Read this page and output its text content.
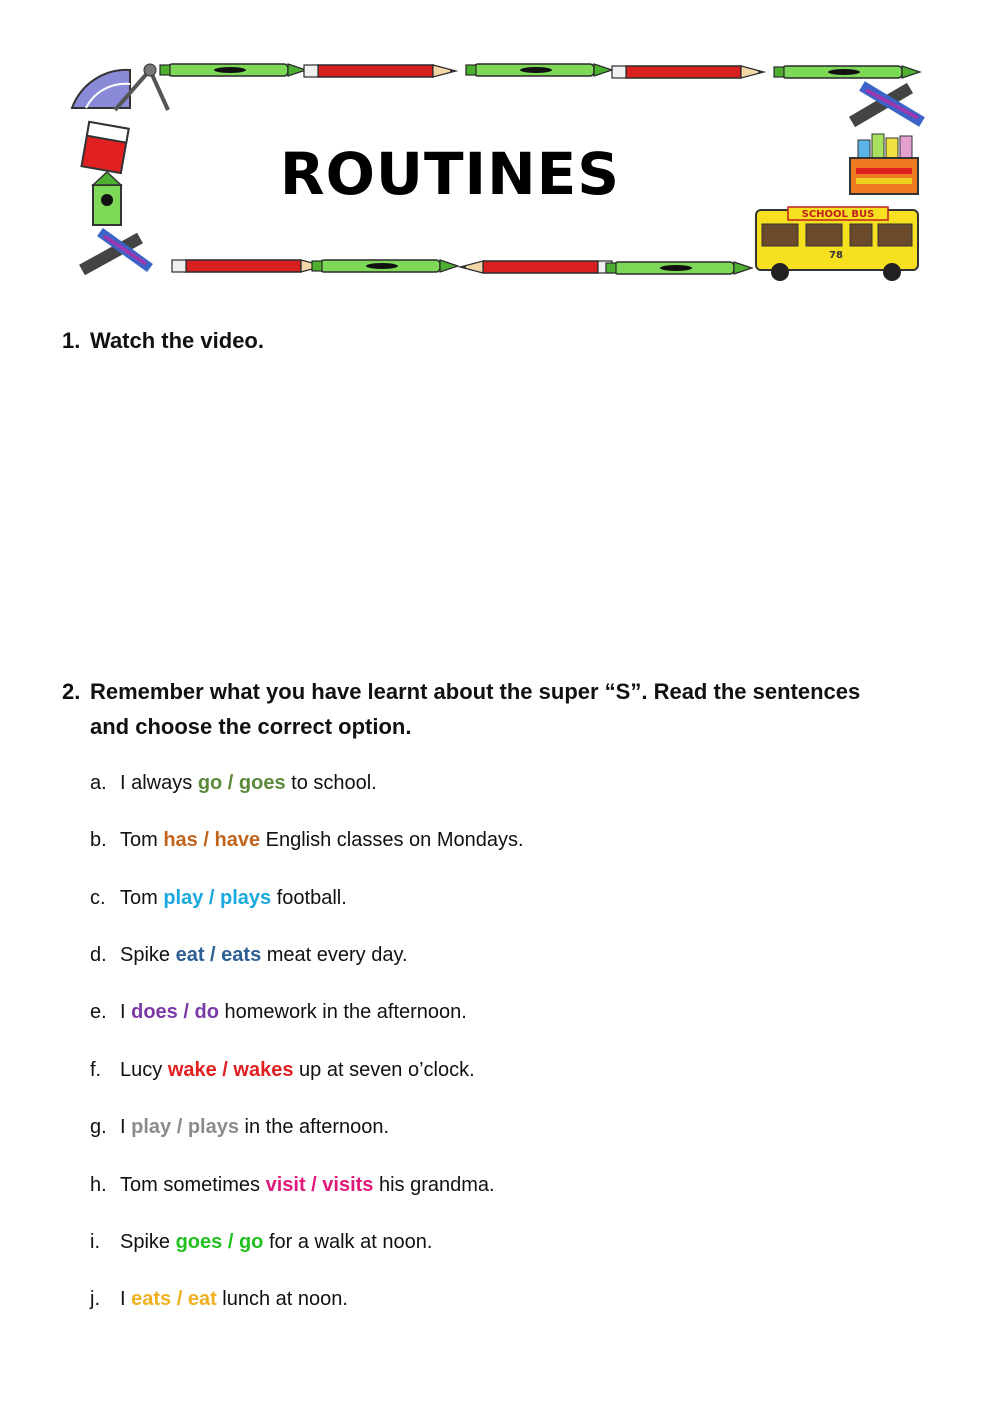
SCHOOL BUS
78
ROUTINES
1. Watch the video.
2. Remember what you have learnt about the super “S”. Read the sentences
and choose the correct option.
a. I always go / goes to school.
b. Tom has / have English classes on Mondays.
c. Tom play / plays football.
d. Spike eat / eats meat every day.
e. I does / do homework in the afternoon.
f. Lucy wake / wakes up at seven o’clock.
g. I play / plays in the afternoon.
h. Tom sometimes visit / visits his grandma.
i.	Spike goes / go for a walk at noon.
j.	I eats / eat lunch at noon.
